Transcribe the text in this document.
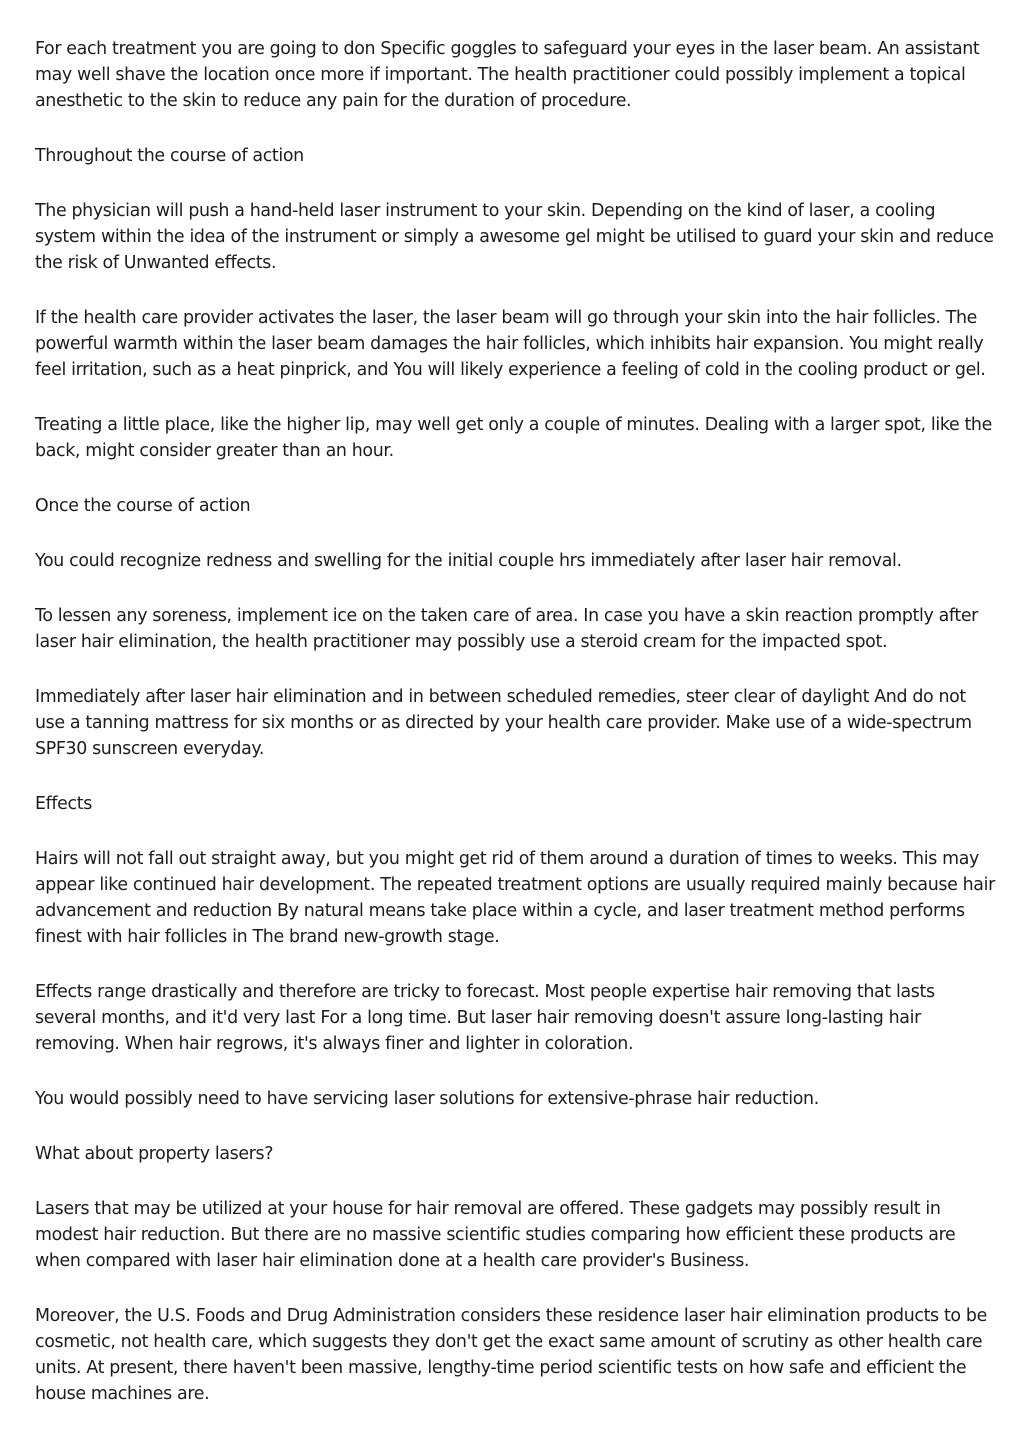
For each treatment you are going to don Specific goggles to safeguard your eyes in the laser beam. An assistant may well shave the location once more if important. The health practitioner could possibly implement a topical anesthetic to the skin to reduce any pain for the duration of procedure.

Throughout the course of action

The physician will push a hand-held laser instrument to your skin. Depending on the kind of laser, a cooling system within the idea of the instrument or simply a awesome gel might be utilised to guard your skin and reduce the risk of Unwanted effects.

If the health care provider activates the laser, the laser beam will go through your skin into the hair follicles. The powerful warmth within the laser beam damages the hair follicles, which inhibits hair expansion. You might really feel irritation, such as a heat pinprick, and You will likely experience a feeling of cold in the cooling product or gel.

Treating a little place, like the higher lip, may well get only a couple of minutes. Dealing with a larger spot, like the back, might consider greater than an hour.

Once the course of action

You could recognize redness and swelling for the initial couple hrs immediately after laser hair removal.

To lessen any soreness, implement ice on the taken care of area. In case you have a skin reaction promptly after laser hair elimination, the health practitioner may possibly use a steroid cream for the impacted spot.

Immediately after laser hair elimination and in between scheduled remedies, steer clear of daylight And do not use a tanning mattress for six months or as directed by your health care provider. Make use of a wide-spectrum SPF30 sunscreen everyday.

Effects

Hairs will not fall out straight away, but you might get rid of them around a duration of times to weeks. This may appear like continued hair development. The repeated treatment options are usually required mainly because hair advancement and reduction By natural means take place within a cycle, and laser treatment method performs finest with hair follicles in The brand new-growth stage.

Effects range drastically and therefore are tricky to forecast. Most people expertise hair removing that lasts several months, and it'd very last For a long time. But laser hair removing doesn't assure long-lasting hair removing. When hair regrows, it's always finer and lighter in coloration.

You would possibly need to have servicing laser solutions for extensive-phrase hair reduction.

What about property lasers?

Lasers that may be utilized at your house for hair removal are offered. These gadgets may possibly result in modest hair reduction. But there are no massive scientific studies comparing how efficient these products are when compared with laser hair elimination done at a health care provider's Business.

Moreover, the U.S. Foods and Drug Administration considers these residence laser hair elimination products to be cosmetic, not health care, which suggests they don't get the exact same amount of scrutiny as other health care units. At present, there haven't been massive, lengthy-time period scientific tests on how safe and efficient the house machines are.
